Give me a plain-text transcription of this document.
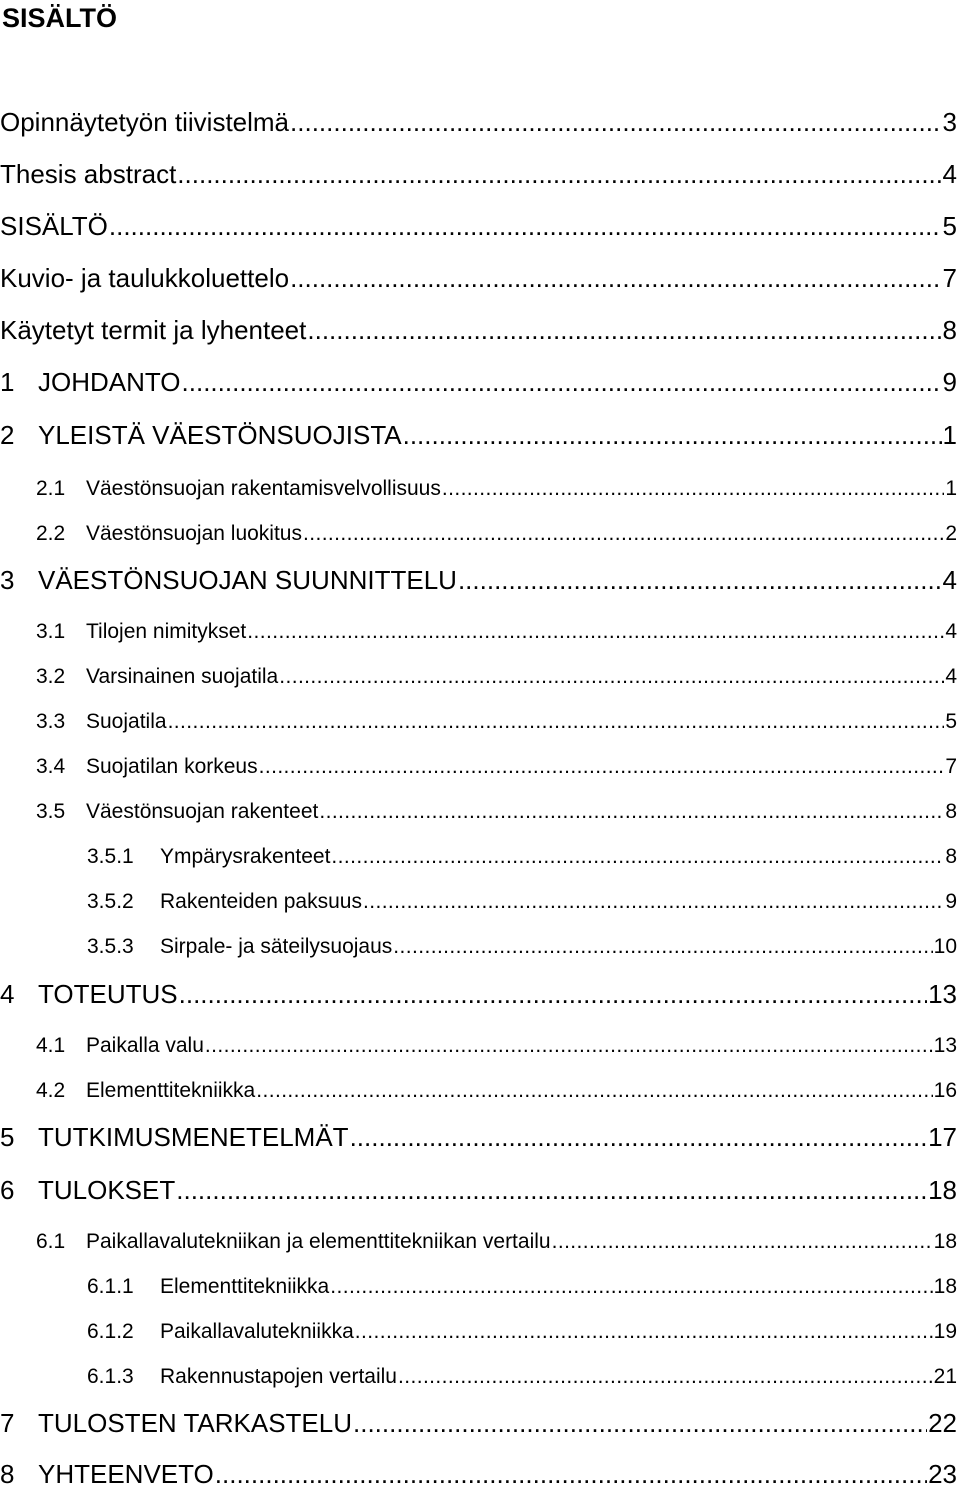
SISÄLTÖ
Opinnäytetyön tiivistelmä .....	3
Thesis abstract .....	4
SISÄLTÖ .....	5
Kuvio- ja taulukkoluettelo .....	7
Käytetyt termit ja lyhenteet .....	8
1 JOHDANTO .....	9
2 YLEISTÄ VÄESTÖNSUOJISTA .....	1
2.1 Väestönsuojan rakentamisvelvollisuus .....	1
2.2 Väestönsuojan luokitus .....	2
3 VÄESTÖNSUOJAN SUUNNITTELU .....	4
3.1 Tilojen nimitykset .....	4
3.2 Varsinainen suojatila .....	4
3.3 Suojatila .....	5
3.4 Suojatilan korkeus .....	7
3.5 Väestönsuojan rakenteet .....	8
3.5.1	Ympärysrakenteet .....	8
3.5.2	Rakenteiden paksuus .....	9
3.5.3	Sirpale- ja säteilysuojaus .....	10
4 TOTEUTUS .....	13
4.1 Paikalla valu .....	13
4.2 Elementtitekniikka .....	16
5 TUTKIMUSMENETELMÄT .....	17
6 TULOKSET .....	18
6.1 Paikallavalutekniikan ja elementtitekniikan vertailu .....	18
6.1.1	Elementtitekniikka .....	18
6.1.2	Paikallavalutekniikka .....	19
6.1.3	Rakennustapojen vertailu .....	21
7 TULOSTEN TARKASTELU .....	22
8 YHTEENVETO .....	23
